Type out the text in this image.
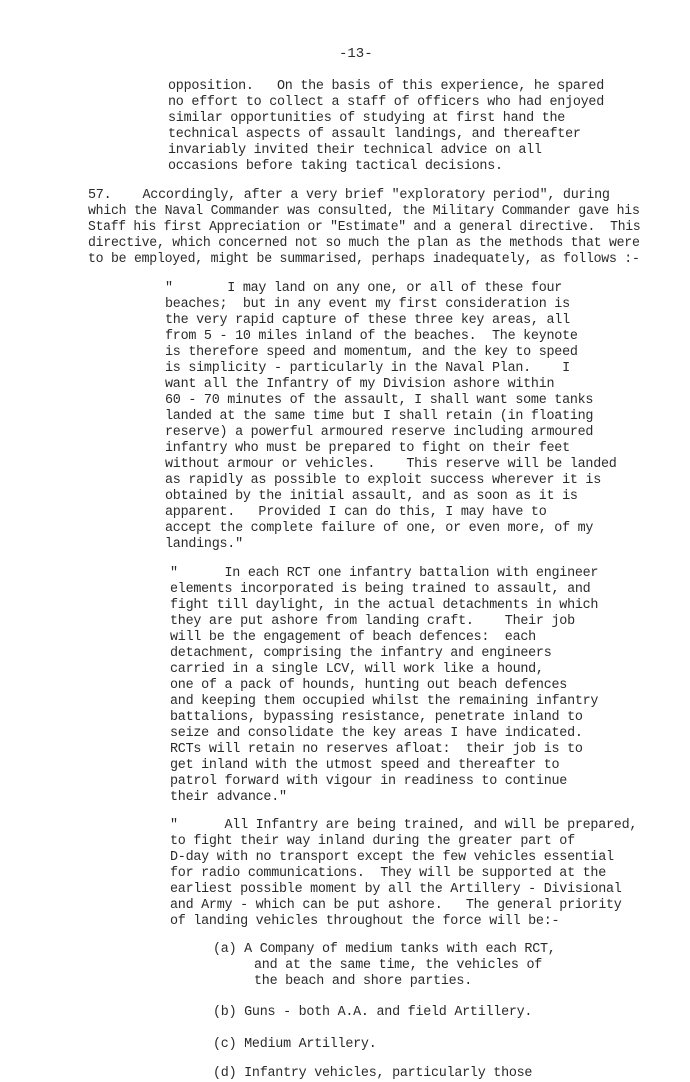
-13-

opposition.   On the basis of this experience, he spared

no effort to collect a staff of officers who had enjoyed

similar opportunities of studying at first hand the

technical aspects of assault landings, and thereafter

invariably invited their technical advice on all

occasions before taking tactical decisions.

57.    Accordingly, after a very brief "exploratory period", during

which the Naval Commander was consulted, the Military Commander gave his

Staff his first Appreciation or "Estimate" and a general directive.  This

directive, which concerned not so much the plan as the methods that were

to be employed, might be summarised, perhaps inadequately, as follows :-

"       I may land on any one, or all of these four

beaches;  but in any event my first consideration is

the very rapid capture of these three key areas, all

from 5 - 10 miles inland of the beaches.  The keynote

is therefore speed and momentum, and the key to speed

is simplicity - particularly in the Naval Plan.    I

want all the Infantry of my Division ashore within

60 - 70 minutes of the assault, I shall want some tanks

landed at the same time but I shall retain (in floating

reserve) a powerful armoured reserve including armoured

infantry who must be prepared to fight on their feet

without armour or vehicles.    This reserve will be landed

as rapidly as possible to exploit success wherever it is

obtained by the initial assault, and as soon as it is

apparent.   Provided I can do this, I may have to

accept the complete failure of one, or even more, of my

landings."

"      In each RCT one infantry battalion with engineer

elements incorporated is being trained to assault, and

fight till daylight, in the actual detachments in which

they are put ashore from landing craft.    Their job

will be the engagement of beach defences:  each

detachment, comprising the infantry and engineers

carried in a single LCV, will work like a hound,

one of a pack of hounds, hunting out beach defences

and keeping them occupied whilst the remaining infantry

battalions, bypassing resistance, penetrate inland to

seize and consolidate the key areas I have indicated.

RCTs will retain no reserves afloat:  their job is to

get inland with the utmost speed and thereafter to

patrol forward with vigour in readiness to continue

their advance."

"      All Infantry are being trained, and will be prepared,

to fight their way inland during the greater part of

D-day with no transport except the few vehicles essential

for radio communications.  They will be supported at the

earliest possible moment by all the Artillery - Divisional

and Army - which can be put ashore.   The general priority

of landing vehicles throughout the force will be:-

(a) A Company of medium tanks with each RCT,

and at the same time, the vehicles of

the beach and shore parties.

(b) Guns - both A.A. and field Artillery.

(c) Medium Artillery.

(d) Infantry vehicles, particularly those
